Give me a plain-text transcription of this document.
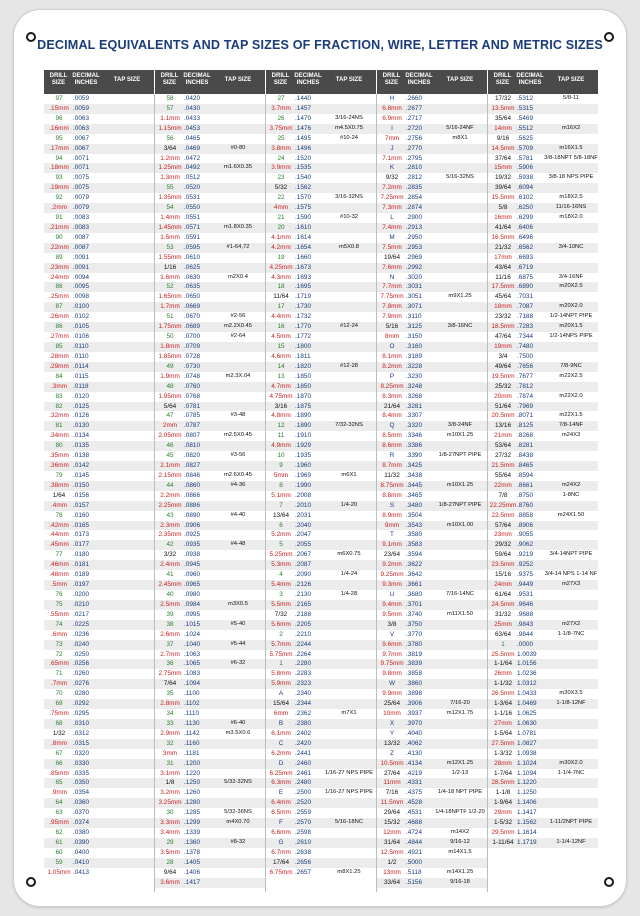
DECIMAL EQUIVALENTS AND TAP SIZES OF FRACTION, WIRE, LETTER AND METRIC SIZES
DRILL SIZE
DECIMAL INCHES	TAP SIZE
97	.0059
.15mm .0059
96	.0063
.16mm .0063
95	.0067
.17mm .0067
94	.0071
.18mm .0071
93	.0075
.19mm .0075
92	.0079
.2mm .0079
91	.0083
.21mm .0083
90	.0087
.22mm .0087
89	.0091
.23mm .0091
.24mm .0094
88	.0095
.25mm .0098
87	.0100
.26mm .0102
86	.0105
.27mm .0106
85	.0110
.28mm .0110
.29mm .0114
84	.0115
.3mm .0118
83	.0120
82	.0125
.32mm .0126
81	.0130
.34mm .0134
80	.0135
.35mm .0138
.36mm .0142
79	.0145
.38mm .0150
1/64	.0156
.4mm .0157
78	.0160
.42mm .0165
.44mm .0173
.45mm .0177
77	.0180
.46mm .0181
.48mm .0189
.5mm .0197
76	.0200
75	.0210
.55mm .0217
74	.0225
.6mm .0236
73	.0240
72	.0250
.65mm .0256
71	.0260
.7mm .0276
70	.0280
69	.0292
.75mm .0295
68	.0310
1/32	.0312
.8mm .0315
67	.0320
66	.0330
.85mm .0335
65	.0350
.9mm .0354
64	.0360
63	.0370
.95mm .0374
62	.0380
61	.0390
60	.0400
59	.0410
1.05mm .0413
DRILL SIZE
DECIMAL INCHES	TAP SIZE
58	.0420
57	.0430
1.1mm .0433
1.15mm .0453
56	.0465
3/64	.0469	#0-80
1.2mm .0472
1.25mm .0492	m1.6X0.35
1.3mm .0512
55	.0520
1.35mm .0531
54	.0550
1.4mm .0551
1.45mm .0571	m1.8X0.35
1.5mm .0591
53	.0595	#1-64,72
1.55mm .0610
1/16	.0625
1.6mm .0630	m2X0.4
52	.0635
1.65mm .0650
1.7mm .0669
51	.0670	#2-56
1.75mm .0689	m2.2X0.45
50	.0700	#2-64
1.8mm .0709
1.85mm .0728
49	.0730
1.9mm .0748	m2.3X.04
48	.0760
1.95mm .0768
5/64	.0781
47	.0785	#3-48
2mm	.0787
2.05mm .0807	m2.5X0.45
46	.0810
45	.0820	#3-56
2.1mm .0827
2.15mm .0846	m2.6X0.45
44	.0860	#4-36
2.2mm .0866
2.25mm .0886
43	.0890	#4-40
2.3mm .0906
2.35mm .0925
42	.0935	#4-48
3/32	.0938
2.4mm .0945
41	.0960
2.45mm .0965
40	.0980
2.5mm .0984	m3X0.5
39	.0995
38	.1015	#5-40
2.6mm .1024
37	.1040	#5-44
2.7mm .1063
36	.1065	#6-32
2.75mm .1083
7/64	.1094
35	.1100
2.8mm .1102
34	.1110
33	.1130	#6-40
2.9mm .1142	m3.5X0.6
32	.1160
3mm	.1181
31	.1200
3.1mm .1220
1/8	.1250	5/32-32NS
3.2mm .1260
3.25mm .1280
30	.1285	5/32-36NS
3.3mm .1299	m4X0.70
3.4mm .1339
29	.1360	#8-32
3.5mm .1378
28	.1405
9/64	.1406
3.6mm .1417
DRILL SIZE
DECIMAL INCHES	TAP SIZE
27	.1440
3.7mm .1457
26	.1470	3/16-24NS
3.75mm .1476	m4.5X0.75
25	.1495	#10-24
3.8mm .1496
24	.1520
3.9mm .1535
23	.1540
5/32	.1562
22	.1570	3/16-32NS
4mm	.1575
21	.1590	#10-32
20	.1610
4.1mm .1614
4.2mm .1654	m5X0.8
19	.1660
4.25mm .1673
4.3mm .1693
18	.1695
11/64 .1719
17	.1730
4.4mm .1732
16	.1770	#12-24
4.5mm .1772
15	.1800
4.6mm .1811
14	.1820	#12-28
13	.1850
4.7mm .1850
4.75mm .1870
3/16	.1875
4.8mm .1890
12	.1890	7/32-32NS
11	.1910
4.9mm .1929
10	.1935
9	.1960
5mm	.1969	m6X1
8	.1990
5.1mm .2008
7	.2010	1/4-20
13/64 .2031
6	.2040
5.2mm .2047
5	.2055
5.25mm .2067	m6X0.75
5.3mm .2087
4	.2090	1/4-24
5.4mm .2126
3	.2130	1/4-28
5.5mm .2165
7/32	.2188
5.6mm .2205
2	.2210
5.7mm .2244
5.75mm .2264
1	.2280
5.8mm .2283
5.9mm .2323
A	.2340
15/64 .2344
6mm	.2362	m7X1
B	.2380
6.1mm .2402
C	.2420
6.2mm .2441
D	.2460
6.25mm .2461	1/16-27 NPS PIPE
6.3mm .2480
E	.2500	1/16-27 NPS PIPE
6.4mm .2520
6.5mm .2559
F	.2570	5/16-18NC
6.6mm .2598
G	.2610
6.7mm .2638
17/64 .2656
6.75mm .2657	m8X1.25
DRILL SIZE
DECIMAL INCHES	TAP SIZE
H	.2660
6.8mm .2677
6.9mm .2717
I	.2720	5/16-24NF
7mm	.2756	m8X1
J	.2770
7.1mm .2795
K	.2810
9/32	.2812	5/16-32NS
7.2mm .2835
7.25mm .2854
7.3mm .2874
L	.2900
7.4mm .2913
M	.2950
7.5mm .2953
19/64 .2969
7.6mm .2992
N	.3020
7.7mm .3031
7.75mm .3051	m9X1.25
7.8mm .3071
7.9mm .3110
5/16	.3125	3/8-16NC
8mm	.3150
O	.3160
8.1mm .3189
8.2mm .3228
P	.3230
8.25mm .3248
8.3mm .3268
21/64 .3281
8.4mm .3307
Q	.3320	3/8-24NF
8.5mm .3346	m10X1.25
8.6mm .3386
R	.3390	1/8-27NPT PIPE
8.7mm .3425
11/32 .3438
8.75mm .3445	m10X1.25
8.8mm .3465
S	.3480	1/8-27NPT PIPE
8.9mm .3504
9mm	.3543	m10X1.00
T	.3580
9.1mm .3583
23/64 .3594
9.2mm .3622
9.25mm .3642
9.3mm .3661
U	.3680	7/16-14NC
9.4mm .3701
9.5mm .3740	m11X1.50
3/8	.3750
V	.3770
9.6mm .3780
9.7mm .3819
9.75mm .3839
9.8mm .3858
W	.3860
9.9mm .3898
25/64 .3906	7/16-20
10mm .3937	m12X1.75
X	.3970
Y	.4040
13/32 .4062
Z	.4130
10.5mm .4134	m12X1.25
27/64 .4219	1/2-13
11mm .4331
7/16	.4375	1/4-18 NPT PIPE
11.5mm .4528
29/64 .4531	1/4-18NPTF 1/2-20
15/32 .4688
12mm .4724	m14X2
31/64 .4844	9/16-12
12.5mm .4921	m14X1.5
1/2	.5000
13mm .5118	m14X1.25
33/64 .5156	9/16-18
DRILL SIZE
DECIMAL INCHES	TAP SIZE
17/32 .5312	5/8-11
13.5mm .5315
35/64 .5469
14mm .5512	m16X2
9/16	.5625
14.5mm .5709	m16X1.5
37/64 .5781	3/8-18NPT 5/8-18NF
15mm .5906
19/32 .5938	3/8-18 NPS PIPE
39/64 .6094
15.5mm .6102	m18X2.5
5/8	.6250	11/16-16NS
16mm .6299	m18X2.0
41/64 .6406
16.5mm .6496
21/32 .6562	3/4-10NC
17mm .6693
43/64 .6719
11/16 .6875	3/4-16NF
17.5mm .6890	m20X2.5
45/64 .7031
18mm .7087	m20X2.0
23/32 .7188	1/2-14NPT PIPE
18.5mm .7283	m20X1.5
47/64 .7344	1/2-14NPS PIPE
19mm .7480
3/4	.7500
49/64 .7656	7/8-9NC
19.5mm .7677	m22X2.5
25/32 .7812
20mm .7874	m22X2.0
51/64 .7969
20.5mm .8071	m22X1.5
13/16 .8125	7/8-14NF
21mm .8268	m24X3
53/64 .8281
27/32 .8438
21.5mm .8465
55/64 .8594
22mm .8661	m24X2
7/8	.8750	1-8NC
22.25mm .8760
22.5mm .8858	m24X1.50
57/64 .8906
23mm .9055
29/32 .9062
59/64 .9219	3/4-14NPT PIPE
23.5mm .9252
15/16 .9375	3/4-14 NPS 1-14 NF
24mm .9449	m27X3
61/64 .9531
24.5mm .9646
31/32 .9688
25mm .9843	m27X2
63/64 .9844	1-1/8-7NC
1	.0000
25.5mm 1.0039
1-1/64 1.0156
26mm 1.0236
1-1/32 1.0312
26.5mm 1.0433	m30X3.5
1-3/64 1.0469	1-1/8-12NF
1-1/16 1.0625
27mm 1.0630
1-5/64 1.0781
27.5mm 1.0827
1-3/32 1.0938
28mm 1.1024	m30X2.0
1-7/64 1.1094	1-1/4-7NC
28.5mm 1.1220
1-1/8	1.1250
1-9/64 1.1406
29mm 1.1417
1-5/32 1.1562	1-11/2NPT PIPE
29.5mm 1.1614
1-11/64 1.1719	1-1/4-12NF
